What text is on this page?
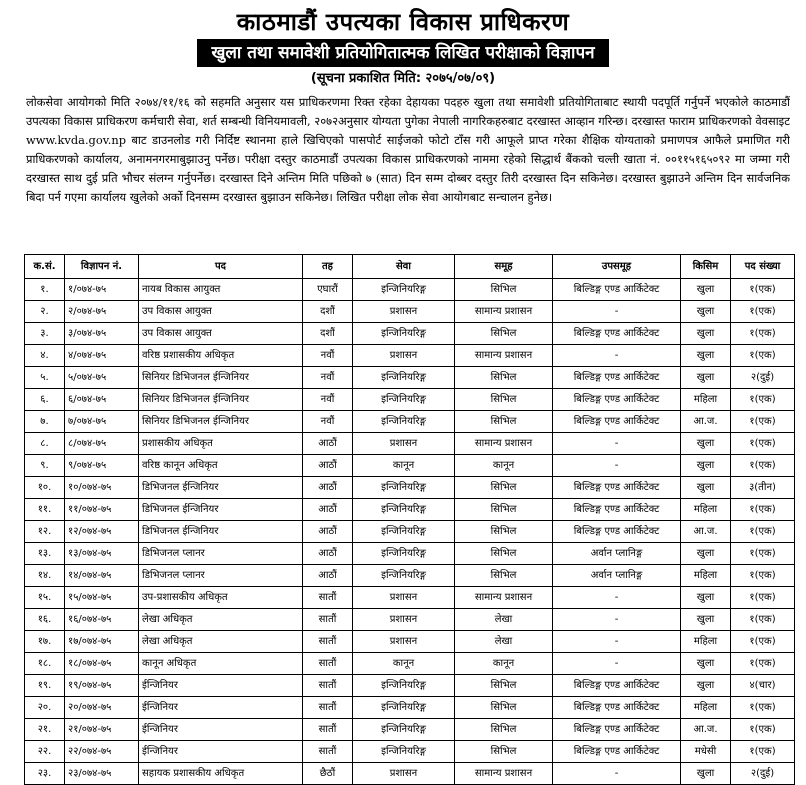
काठमाडौं उपत्यका विकास प्राधिकरण
खुला तथा समावेशी प्रतियोगितात्मक लिखित परीक्षाको विज्ञापन
(सूचना प्रकाशित मिति: २०७५/०७/०९)
लोकसेवा आयोगको मिति २०७४/११/१६ को सहमति अनुसार यस प्राधिकरणमा रिक्त रहेका देहायका पदहरु खुला तथा समावेशी प्रतियोगिताबाट स्थायी पदपूर्ति गर्नुपर्ने भएकोले काठमाडौं उपत्यका विकास प्राधिकरण कर्मचारी सेवा, शर्त सम्बन्धी विनियमावली, २०७२अनुसार योग्यता पुगेका नेपाली नागरिकहरुबाट दरखास्त आव्हान गरिन्छ। दरखास्त फाराम प्राधिकरणको वेवसाइट www.kvda.gov.np बाट डाउनलोड गरी निर्दिष्ट स्थानमा हाले खिचिएको पासपोर्ट साईजको फोटो टाँस गरी आफूले प्राप्त गरेका शैक्षिक योग्यताको प्रमाणपत्र आफैले प्रमाणित गरी प्राधिकरणको कार्यालय, अनामनगरमाबुझाउनु पर्नेछ। परीक्षा दस्तुर काठमाडौं उपत्यका विकास प्राधिकरणको नाममा रहेको सिद्धार्थ बैंकको चल्ती खाता नं. ००११५१६५०९२ मा जम्मा गरी दरखास्त साथ दुई प्रति भौचर संलग्न गर्नुपर्नेछ। दरखास्त दिने अन्तिम मिति पछिको ७ (सात) दिन सम्म दोब्बर दस्तुर तिरी दरखास्त दिन सकिनेछ। दरखास्त बुझाउने अन्तिम दिन सार्वजनिक बिदा पर्न गएमा कार्यालय खुलेको अर्को दिनसम्म दरखास्त बुझाउन सकिनेछ। लिखित परीक्षा लोक सेवा आयोगबाट सन्चालन हुनेछ।
क.सं.	विज्ञापन नं.	पद	तह	सेवा	समूह	उपसमूह	किसिम	पद संख्या
१.	१/०७४-७५	नायब विकास आयुक्त	एघारौं	इन्जिनियरिङ्ग	सिभिल	बिल्डिङ्ग एण्ड आर्किटेक्ट	खुला	१(एक)
२.	२/०७४-७५	उप विकास आयुक्त	दशौं	प्रशासन	सामान्य प्रशासन	-	खुला	१(एक)
३.	३/०७४-७५	उप विकास आयुक्त	दशौं	इन्जिनियरिङ्ग	सिभिल	बिल्डिङ्ग एण्ड आर्किटेक्ट	खुला	१(एक)
४.	४/०७४-७५	वरिष्ठ प्रशासकीय अधिकृत	नवौं	प्रशासन	सामान्य प्रशासन	-	खुला	१(एक)
५.	५/०७४-७५	सिनियर डिभिजनल ईन्जिनियर	नवौं	इन्जिनियरिङ्ग	सिभिल	बिल्डिङ्ग एण्ड आर्किटेक्ट	खुला	२(दुई)
६.	६/०७४-७५	सिनियर डिभिजनल ईन्जिनियर	नवौं	इन्जिनियरिङ्ग	सिभिल	बिल्डिङ्ग एण्ड आर्किटेक्ट	महिला	१(एक)
७.	७/०७४-७५	सिनियर डिभिजनल ईन्जिनियर	नवौं	इन्जिनियरिङ्ग	सिभिल	बिल्डिङ्ग एण्ड आर्किटेक्ट	आ.ज.	१(एक)
८.	८/०७४-७५	प्रशासकीय अधिकृत	आठौं	प्रशासन	सामान्य प्रशासन	-	खुला	१(एक)
९.	९/०७४-७५	वरिष्ठ कानून अधिकृत	आठौं	कानून	कानून	-	खुला	१(एक)
१०.	१०/०७४-७५	डिभिजनल ईन्जिनियर	आठौं	इन्जिनियरिङ्ग	सिभिल	बिल्डिङ्ग एण्ड आर्किटेक्ट	खुला	३(तीन)
११.	११/०७४-७५	डिभिजनल ईन्जिनियर	आठौं	इन्जिनियरिङ्ग	सिभिल	बिल्डिङ्ग एण्ड आर्किटेक्ट	महिला	१(एक)
१२.	१२/०७४-७५	डिभिजनल ईन्जिनियर	आठौं	इन्जिनियरिङ्ग	सिभिल	बिल्डिङ्ग एण्ड आर्किटेक्ट	आ.ज.	१(एक)
१३.	१३/०७४-७५	डिभिजनल प्लानर	आठौं	इन्जिनियरिङ्ग	सिभिल	अर्वान प्लानिङ्ग	खुला	१(एक)
१४.	१४/०७४-७५	डिभिजनल प्लानर	आठौं	इन्जिनियरिङ्ग	सिभिल	अर्वान प्लानिङ्ग	महिला	१(एक)
१५.	१५/०७४-७५	उप-प्रशासकीय अधिकृत	सातौं	प्रशासन	सामान्य प्रशासन	-	खुला	१(एक)
१६.	१६/०७४-७५	लेखा अधिकृत	सातौं	प्रशासन	लेखा	-	खुला	१(एक)
१७.	१७/०७४-७५	लेखा अधिकृत	सातौं	प्रशासन	लेखा	-	महिला	१(एक)
१८.	१८/०७४-७५	कानून अधिकृत	सातौं	कानून	कानून	-	खुला	१(एक)
१९.	१९/०७४-७५	ईन्जिनियर	सातौं	इन्जिनियरिङ्ग	सिभिल	बिल्डिङ्ग एण्ड आर्किटेक्ट	खुला	४(चार)
२०.	२०/०७४-७५	ईन्जिनियर	सातौं	इन्जिनियरिङ्ग	सिभिल	बिल्डिङ्ग एण्ड आर्किटेक्ट	महिला	१(एक)
२१.	२१/०७४-७५	ईन्जिनियर	सातौं	इन्जिनियरिङ्ग	सिभिल	बिल्डिङ्ग एण्ड आर्किटेक्ट	आ.ज.	१(एक)
२२.	२२/०७४-७५	ईन्जिनियर	सातौं	इन्जिनियरिङ्ग	सिभिल	बिल्डिङ्ग एण्ड आर्किटेक्ट	मधेसी	१(एक)
२३.	२३/०७४-७५	सहायक प्रशासकीय अधिकृत	छैठौं	प्रशासन	सामान्य प्रशासन	-	खुला	२(दुई)
